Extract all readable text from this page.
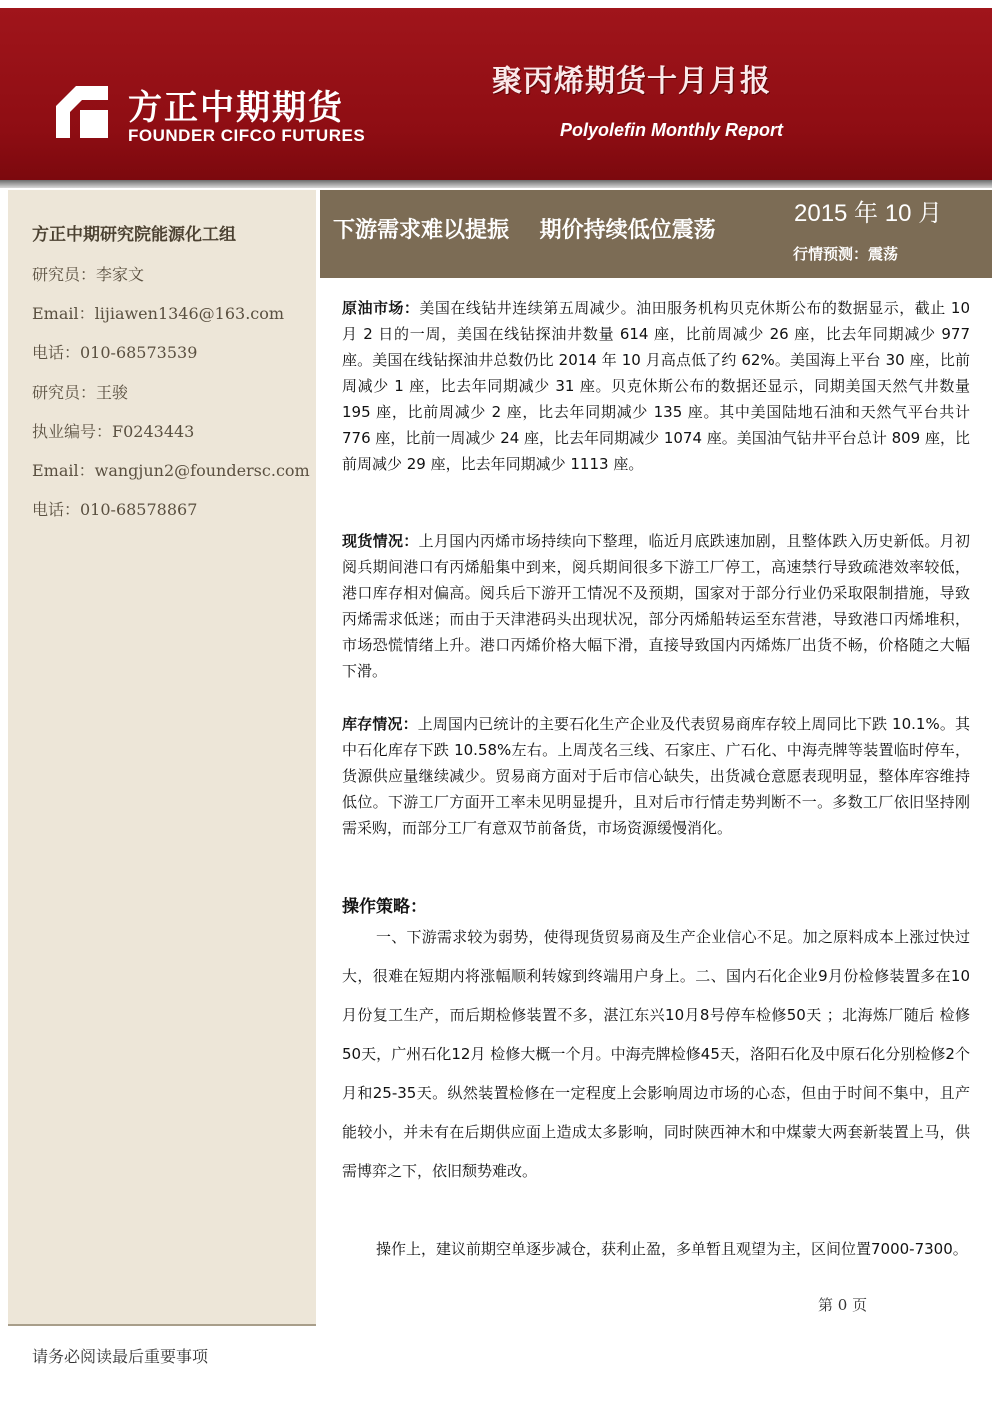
方正中期期货
FOUNDER CIFCO FUTURES
聚丙烯期货十月月报
Polyolefin Monthly Report
方正中期研究院能源化工组
研究员：李家文
Email：lijiawen1346@163.com
电话：010-68573539
研究员：王骏
执业编号：F0243443
Email：wangjun2@foundersc.com
电话：010-68578867
下游需求难以提振    期价持续低位震荡
2015 年 10 月
行情预测：震荡
原油市场：美国在线钻井连续第五周减少。油田服务机构贝克休斯公布的数据显示，截止 10 月 2 日的一周，美国在线钻探油井数量 614 座，比前周减少 26 座，比去年同期减少 977 座。美国在线钻探油井总数仍比 2014 年 10 月高点低了约 62%。美国海上平台 30 座，比前周减少 1 座，比去年同期减少 31 座。贝克休斯公布的数据还显示，同期美国天然气井数量 195 座，比前周减少 2 座，比去年同期减少 135 座。其中美国陆地石油和天然气平台共计 776 座，比前一周减少 24 座，比去年同期减少 1074 座。美国油气钻井平台总计 809 座，比前周减少 29 座，比去年同期减少 1113 座。
现货情况：上月国内丙烯市场持续向下整理，临近月底跌速加剧，且整体跌入历史新低。月初阅兵期间港口有丙烯船集中到来，阅兵期间很多下游工厂停工，高速禁行导致疏港效率较低，港口库存相对偏高。阅兵后下游开工情况不及预期，国家对于部分行业仍采取限制措施，导致丙烯需求低迷；而由于天津港码头出现状况，部分丙烯船转运至东营港，导致港口丙烯堆积，市场恐慌情绪上升。港口丙烯价格大幅下滑，直接导致国内丙烯炼厂出货不畅，价格随之大幅下滑。
库存情况：上周国内已统计的主要石化生产企业及代表贸易商库存较上周同比下跌 10.1%。其中石化库存下跌 10.58%左右。上周茂名三线、石家庄、广石化、中海壳牌等装置临时停车，货源供应量继续减少。贸易商方面对于后市信心缺失，出货减仓意愿表现明显，整体库容维持低位。下游工厂方面开工率未见明显提升，且对后市行情走势判断不一。多数工厂依旧坚持刚需采购，而部分工厂有意双节前备货，市场资源缓慢消化。
操作策略：
一、下游需求较为弱势，使得现货贸易商及生产企业信心不足。加之原料成本上涨过快过大，很难在短期内将涨幅顺利转嫁到终端用户身上。二、国内石化企业9月份检修装置多在10月份复工生产，而后期检修装置不多，湛江东兴10月8号停车检修50天 ；北海炼厂随后 检修50天，广州石化12月 检修大概一个月。中海壳牌检修45天，洛阳石化及中原石化分别检修2个月和25-35天。纵然装置检修在一定程度上会影响周边市场的心态，但由于时间不集中，且产能较小，并未有在后期供应面上造成太多影响，同时陕西神木和中煤蒙大两套新装置上马，供需博弈之下，依旧颓势难改。
操作上，建议前期空单逐步减仓，获利止盈，多单暂且观望为主，区间位置7000-7300。
第 0 页
请务必阅读最后重要事项
